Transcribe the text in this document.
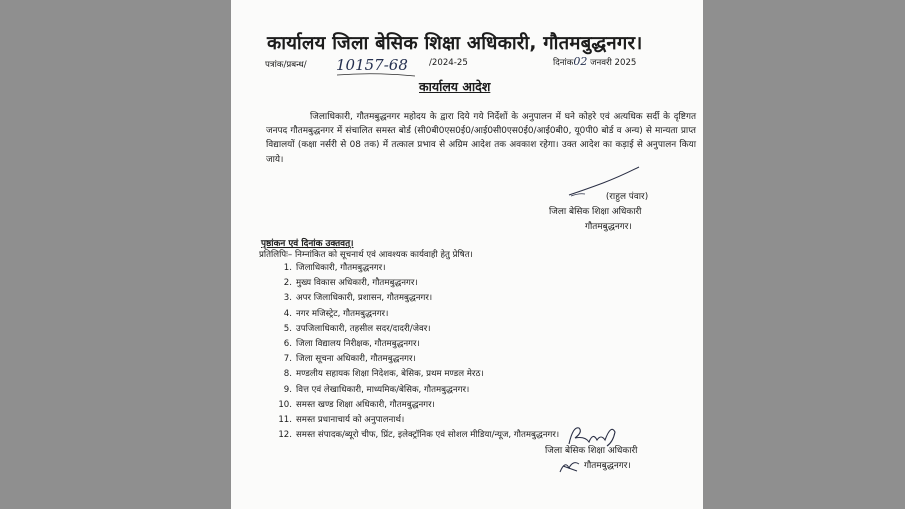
कार्यालय जिला बेसिक शिक्षा अधिकारी, गौतमबुद्धनगर।
पत्रांक/प्रबन्ध/ 10157-68 /2024-25	दिनांक02 जनवरी 2025
कार्यालय आदेश

जिलाधिकारी, गौतमबुद्धनगर महोदय के द्वारा दिये गये निर्देशों के अनुपालन में घने कोहरे एवं अत्यधिक सर्दी के दृष्टिगत जनपद गौतमबुद्धनगर में संचालित समस्त बोर्ड (सी0बी0एस0ई0/आई0सी0एस0ई0/आई0बी0, यू0पी0 बोर्ड व अन्य) से मान्यता प्राप्त विद्यालयों (कक्षा नर्सरी से 08 तक) में तत्काल प्रभाव से अग्रिम आदेश तक अवकाश रहेगा। उक्त आदेश का कड़ाई से अनुपालन किया जाये।

(राहुल पंवार)
जिला बेसिक शिक्षा अधिकारी
गौतमबुद्धनगर।
पृष्ठांकन एवं दिनांक उक्तवत्।
प्रतिलिपिः– निम्नांकित को सूचनार्थ एवं आवश्यक कार्यवाही हेतु प्रेषित।
1. जिलाधिकारी, गौतमबुद्धनगर।
2. मुख्य विकास अधिकारी, गौतमबुद्धनगर।
3. अपर जिलाधिकारी, प्रशासन, गौतमबुद्धनगर।
4. नगर मजिस्ट्रेट, गौतमबुद्धनगर।
5. उपजिलाधिकारी, तहसील सदर/दादरी/जेवर।
6. जिला विद्यालय निरीक्षक, गौतमबुद्धनगर।
7. जिला सूचना अधिकारी, गौतमबुद्धनगर।
8. मण्डलीय सहायक शिक्षा निदेशक, बेसिक, प्रथम मण्डल मेरठ।
9. वित्त एवं लेखाधिकारी, माध्यमिक/बेसिक, गौतमबुद्धनगर।
10. समस्त खण्ड शिक्षा अधिकारी, गौतमबुद्धनगर।
11. समस्त प्रधानाचार्य को अनुपालनार्थ।
12. समस्त संपादक/ब्यूरो चीफ, प्रिंट, इलेक्ट्रॉनिक एवं सोशल मीडिया/न्यूज, गौतमबुद्धनगर।
जिला बेसिक शिक्षा अधिकारी
गौतमबुद्धनगर।
